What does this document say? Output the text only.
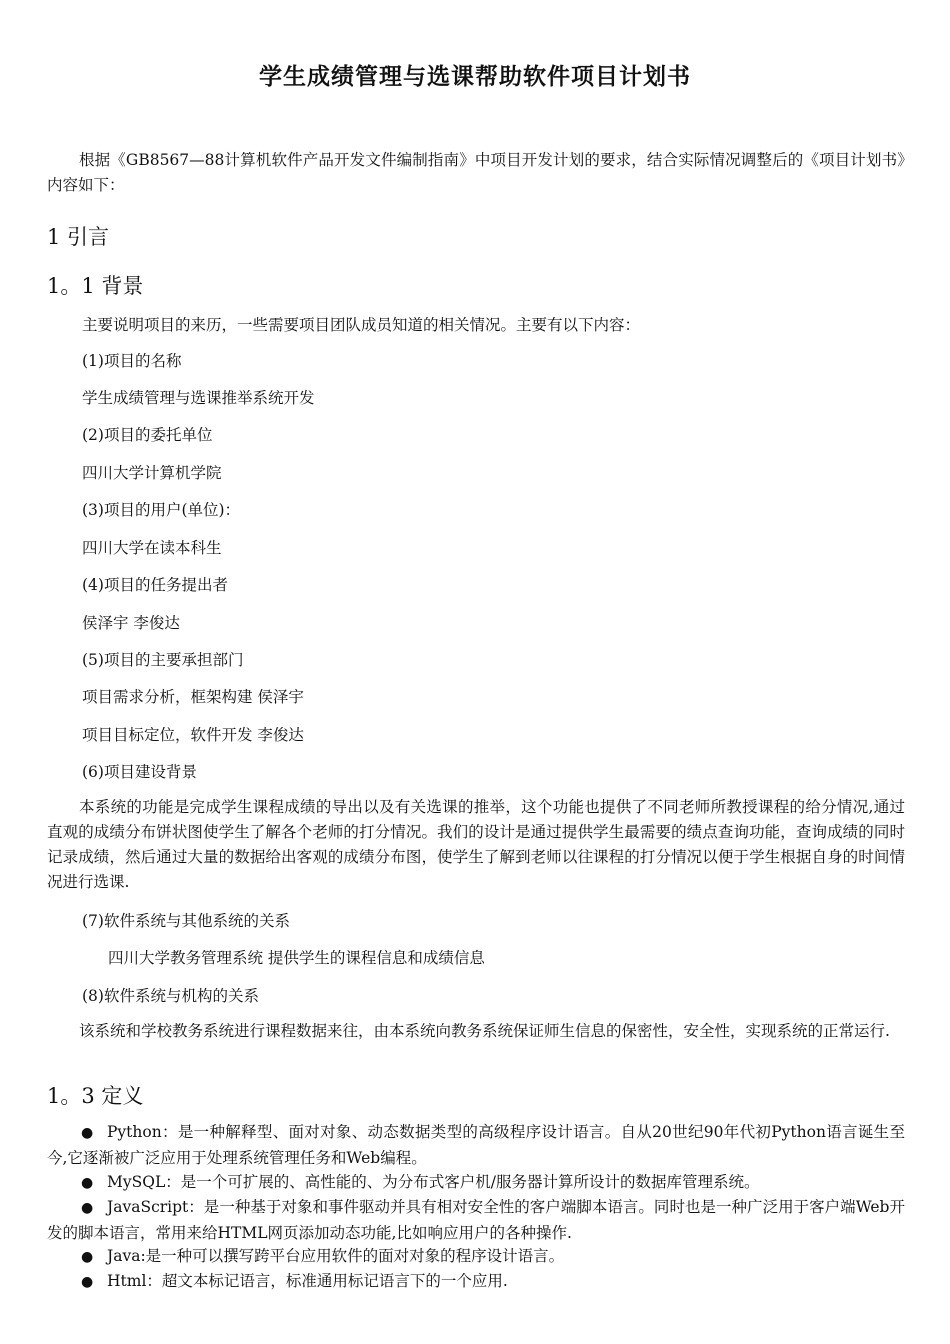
学生成绩管理与选课帮助软件项目计划书
根据《GB8567—88计算机软件产品开发文件编制指南》中项目开发计划的要求，结合实际情况调整后的《项目计划书》内容如下：
1 引言
1。1 背景
主要说明项目的来历，一些需要项目团队成员知道的相关情况。主要有以下内容：
(1)项目的名称
学生成绩管理与选课推举系统开发
(2)项目的委托单位
四川大学计算机学院
(3)项目的用户(单位)：
四川大学在读本科生
(4)项目的任务提出者
侯泽宇 李俊达
(5)项目的主要承担部门
项目需求分析，框架构建 侯泽宇
项目目标定位，软件开发 李俊达
(6)项目建设背景
本系统的功能是完成学生课程成绩的导出以及有关选课的推举，这个功能也提供了不同老师所教授课程的给分情况,通过直观的成绩分布饼状图使学生了解各个老师的打分情况。我们的设计是通过提供学生最需要的绩点查询功能，查询成绩的同时记录成绩，然后通过大量的数据给出客观的成绩分布图，使学生了解到老师以往课程的打分情况以便于学生根据自身的时间情况进行选课.
(7)软件系统与其他系统的关系
四川大学教务管理系统 提供学生的课程信息和成绩信息
(8)软件系统与机构的关系
该系统和学校教务系统进行课程数据来往，由本系统向教务系统保证师生信息的保密性，安全性，实现系统的正常运行.
1。3 定义
● Python：是一种解释型、面对对象、动态数据类型的高级程序设计语言。自从20世纪90年代初Python语言诞生至今,它逐渐被广泛应用于处理系统管理任务和Web编程。
● MySQL：是一个可扩展的、高性能的、为分布式客户机/服务器计算所设计的数据库管理系统。
● JavaScript：是一种基于对象和事件驱动并具有相对安全性的客户端脚本语言。同时也是一种广泛用于客户端Web开发的脚本语言，常用来给HTML网页添加动态功能,比如响应用户的各种操作.
● Java:是一种可以撰写跨平台应用软件的面对对象的程序设计语言。
● Html：超文本标记语言，标准通用标记语言下的一个应用.
